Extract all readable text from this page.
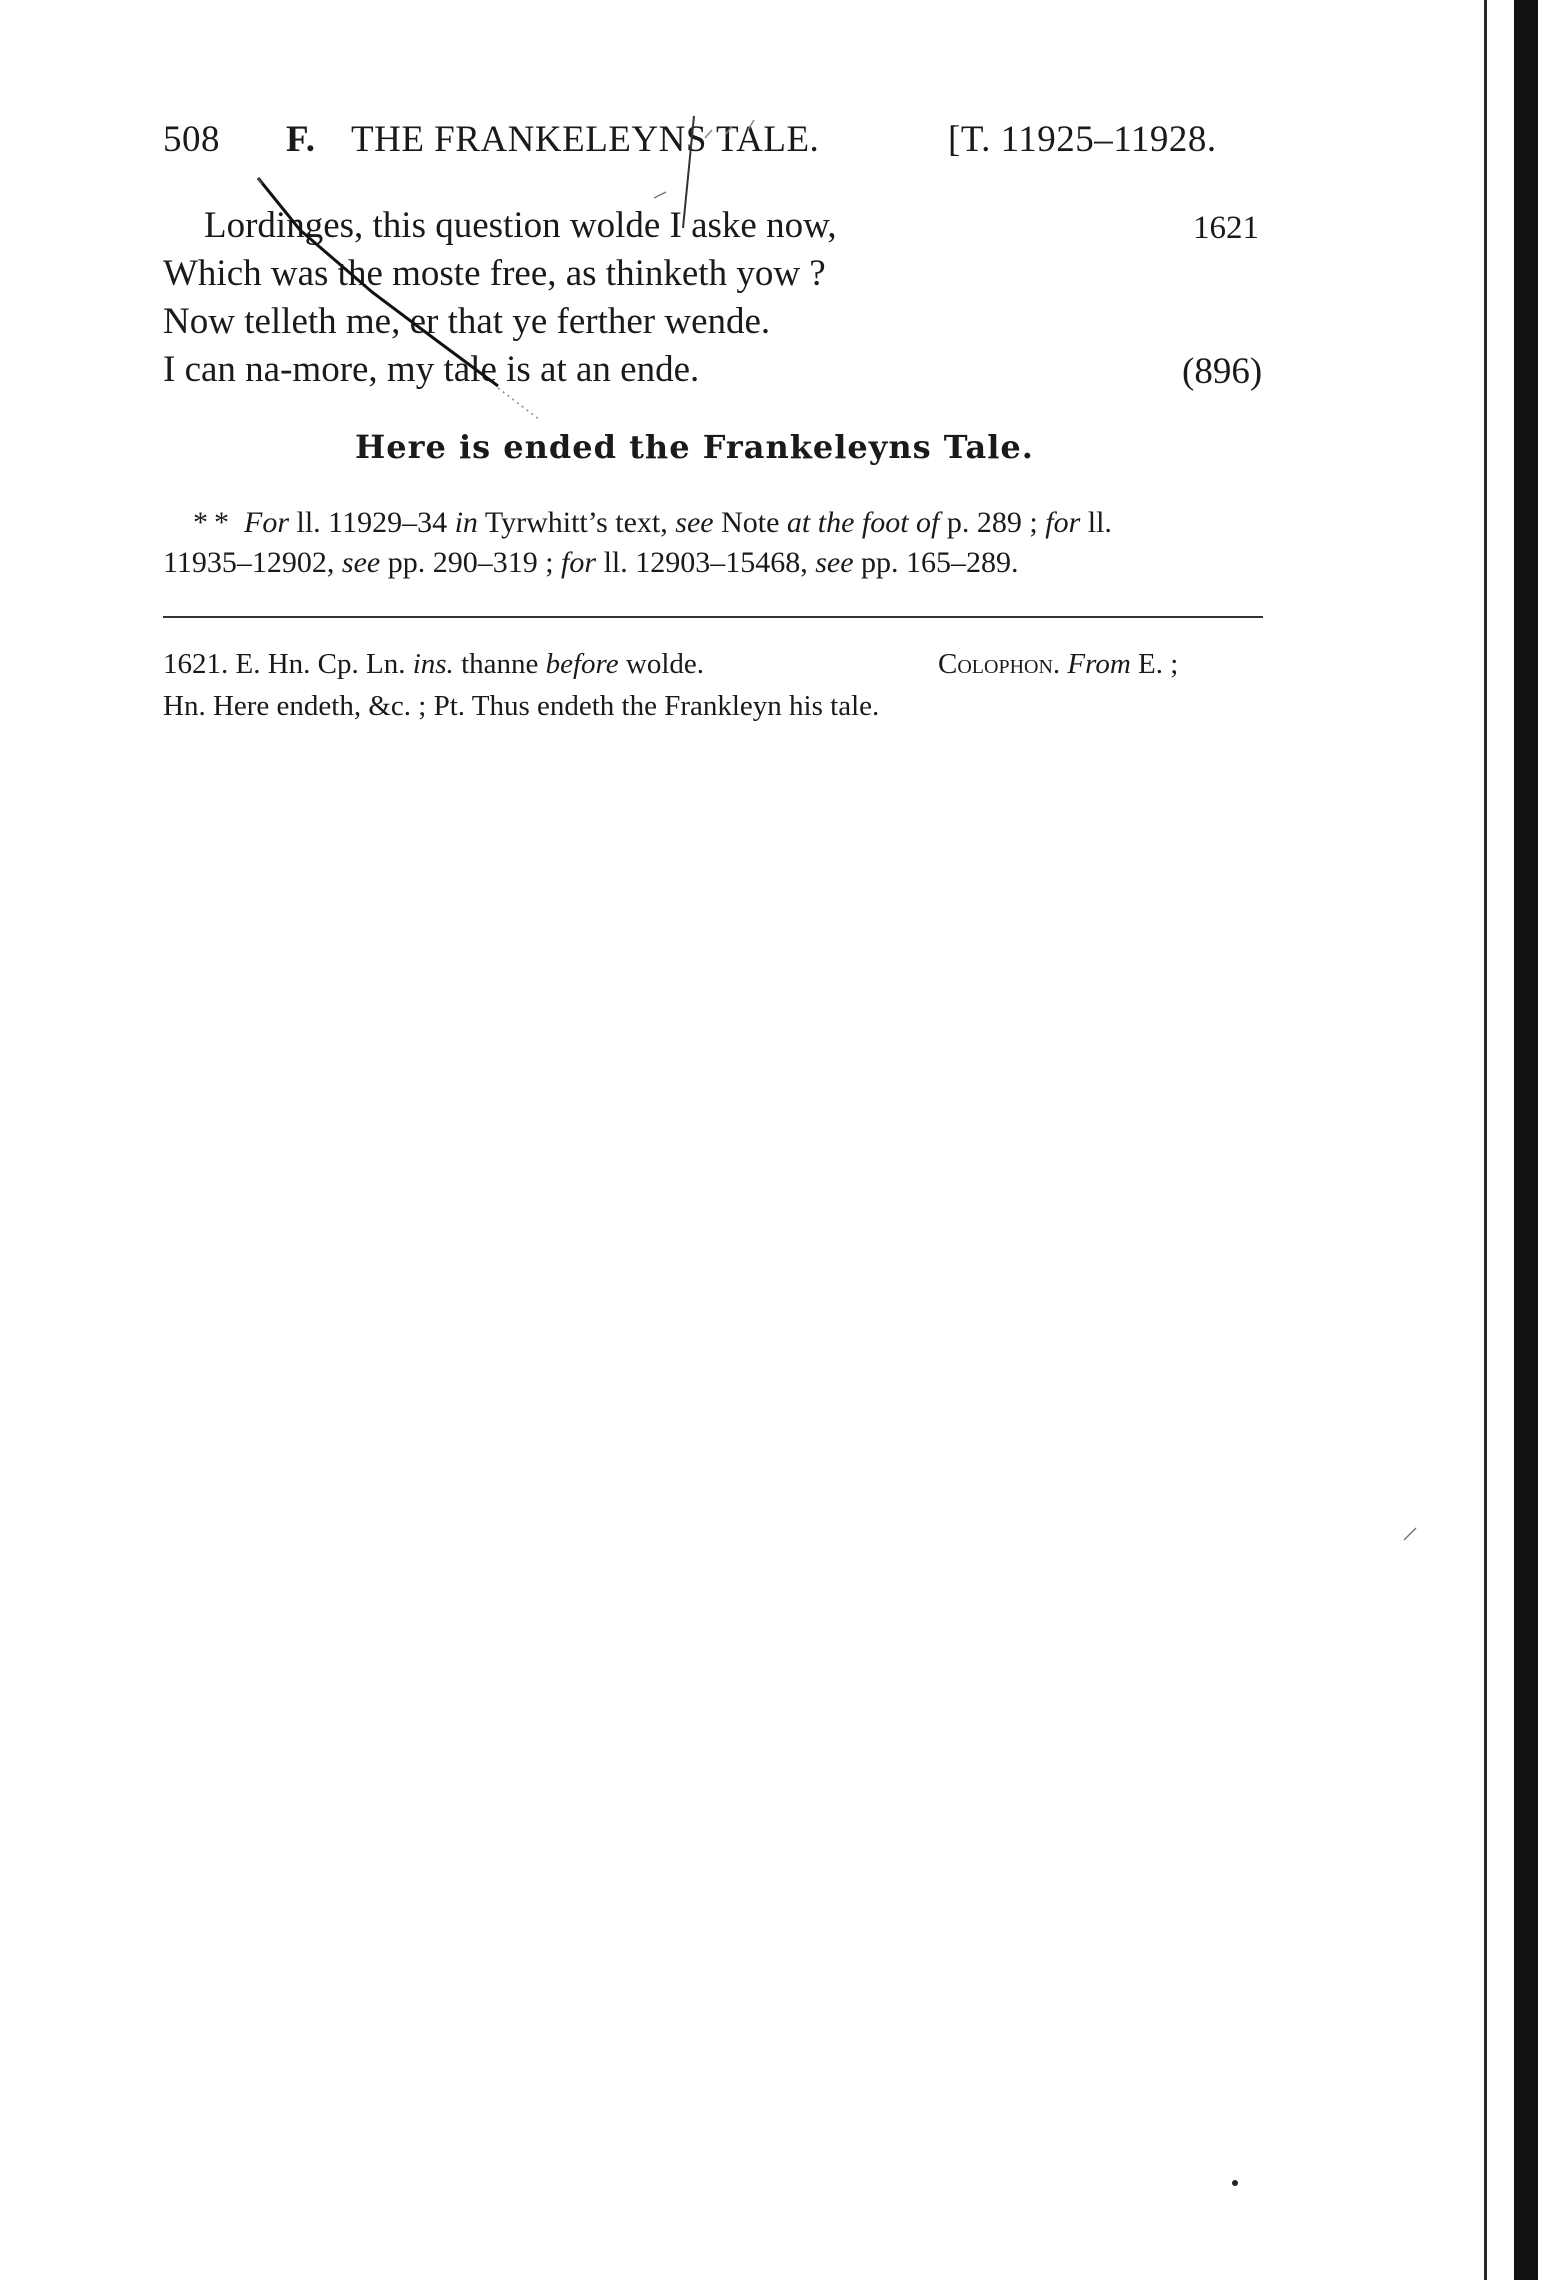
508 F. THE FRANKELEYNS TALE.	[T. 11925–11928.
Lordinges, this question wolde I aske now,	1621
Which was the moste free, as thinketh yow ?
Now telleth me, er that ye ferther wende.
I can na-more, my tale is at an ende.	(896)
Here is ended the Frankeleyns Tale.
* * For ll. 11929–34 in Tyrwhitt’s text, see Note at the foot of p. 289 ; for ll.
11935–12902, see pp. 290–319 ; for ll. 12903–15468, see pp. 165–289.
1621. E. Hn. Cp. Ln. ins. thanne before wolde.	Colophon. From E. ;
Hn. Here endeth, &c. ; Pt. Thus endeth the Frankleyn his tale.
